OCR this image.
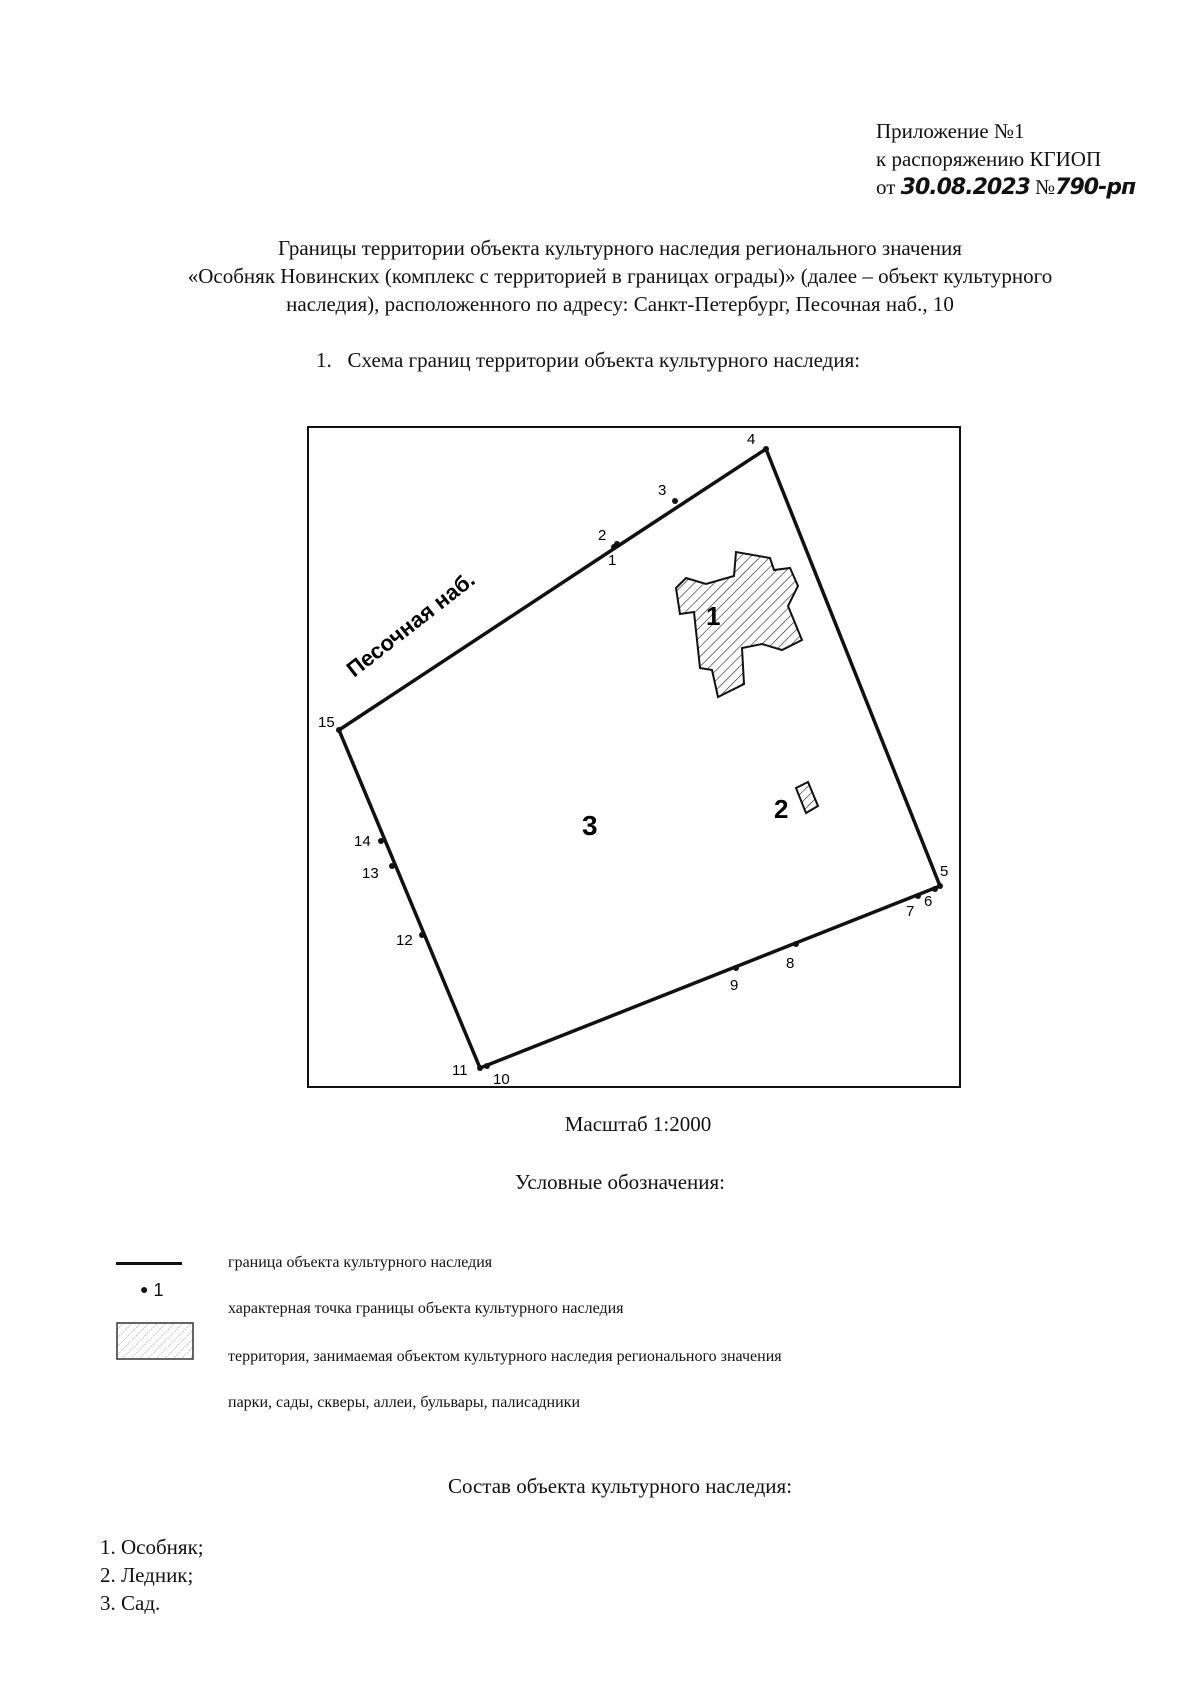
Приложение №1
к распоряжению КГИОП
от 30.08.2023 №790-рп
Границы территории объекта культурного наследия регионального значения
«Особняк Новинских (комплекс с территорией в границах ограды)» (далее – объект культурного
наследия), расположенного по адресу: Санкт-Петербург, Песочная наб., 10
1.   Схема границ территории объекта культурного наследия:
1
2
3
Песочная наб.
1
2
3
4
5
6
7
8
9
10
11
12
13
14
15
Масштаб 1:2000
Условные обозначения:
● 1
граница объекта культурного наследия
характерная точка границы объекта культурного наследия
территория, занимаемая объектом культурного наследия регионального значения
парки, сады, скверы, аллеи, бульвары, палисадники
Состав объекта культурного наследия:
1. Особняк;
2. Ледник;
3. Сад.
